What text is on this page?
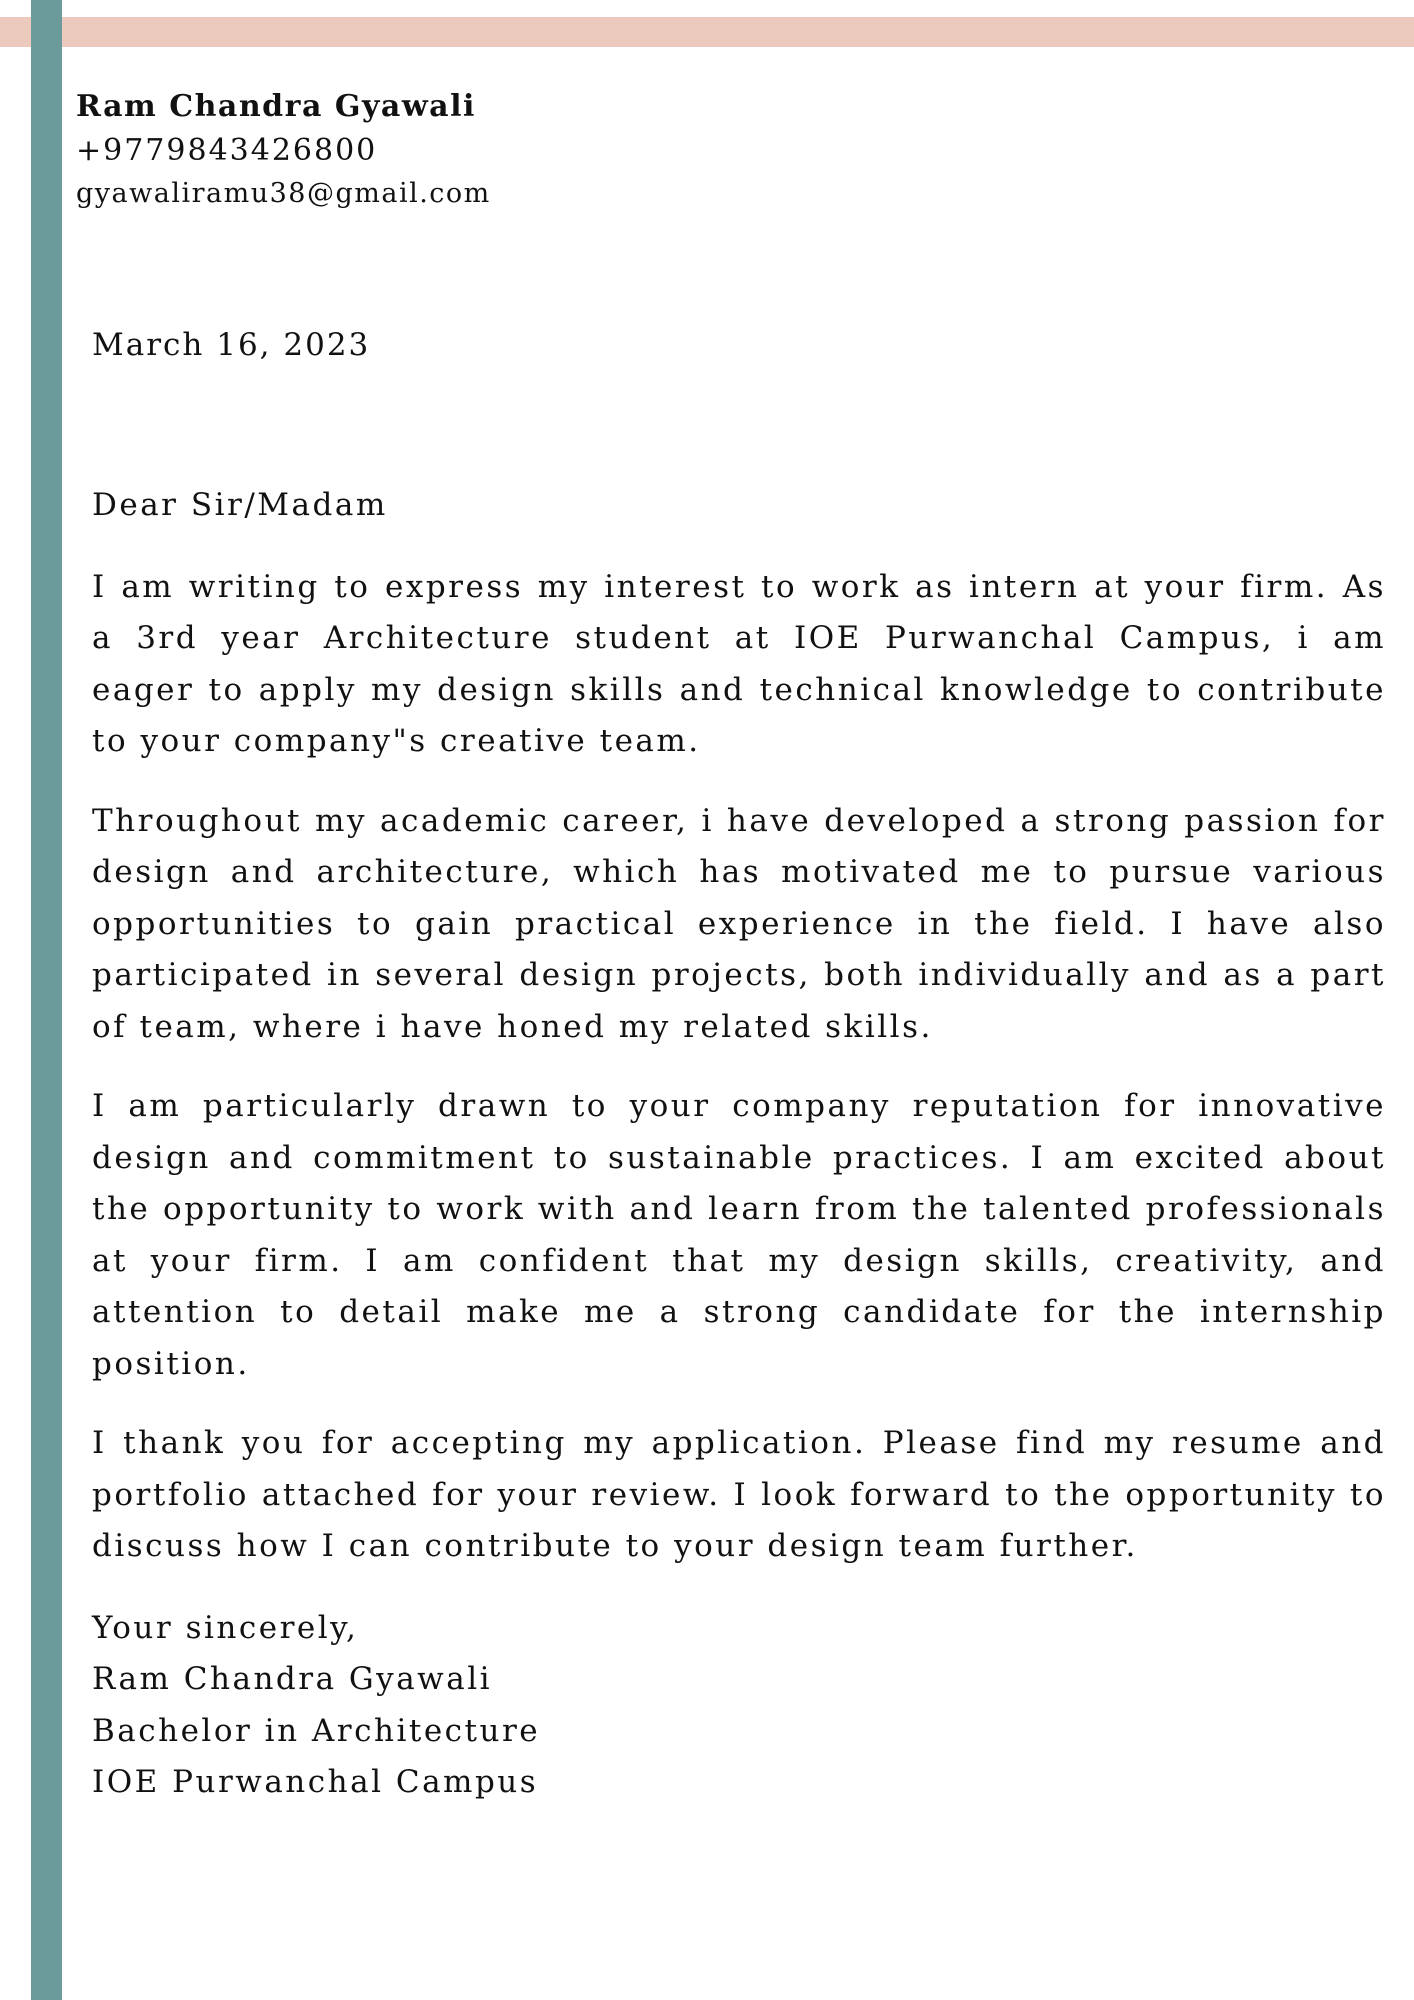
Ram Chandra Gyawali
+9779843426800
gyawaliramu38@gmail.com
March 16, 2023
Dear Sir/Madam

I am writing to express my interest to work as intern at your firm. As a 3rd year Architecture student at IOE Purwanchal Campus, i am eager to apply my design skills and technical knowledge to contribute to your company"s creative team.

Throughout my academic career, i have developed a strong passion for design and architecture, which has motivated me to pursue various opportunities to gain practical experience in the field. I have also participated in several design projects, both individually and as a part of team, where i have honed my related skills.

I am particularly drawn to your company reputation for innovative design and commitment to sustainable practices. I am excited about the opportunity to work with and learn from the talented professionals at your firm. I am confident that my design skills, creativity, and attention to detail make me a strong candidate for the internship position.

I thank you for accepting my application. Please find my resume and portfolio attached for your review. I look forward to the opportunity to discuss how I can contribute to your design team further.

Your sincerely,
Ram Chandra Gyawali
Bachelor in Architecture
IOE Purwanchal Campus
